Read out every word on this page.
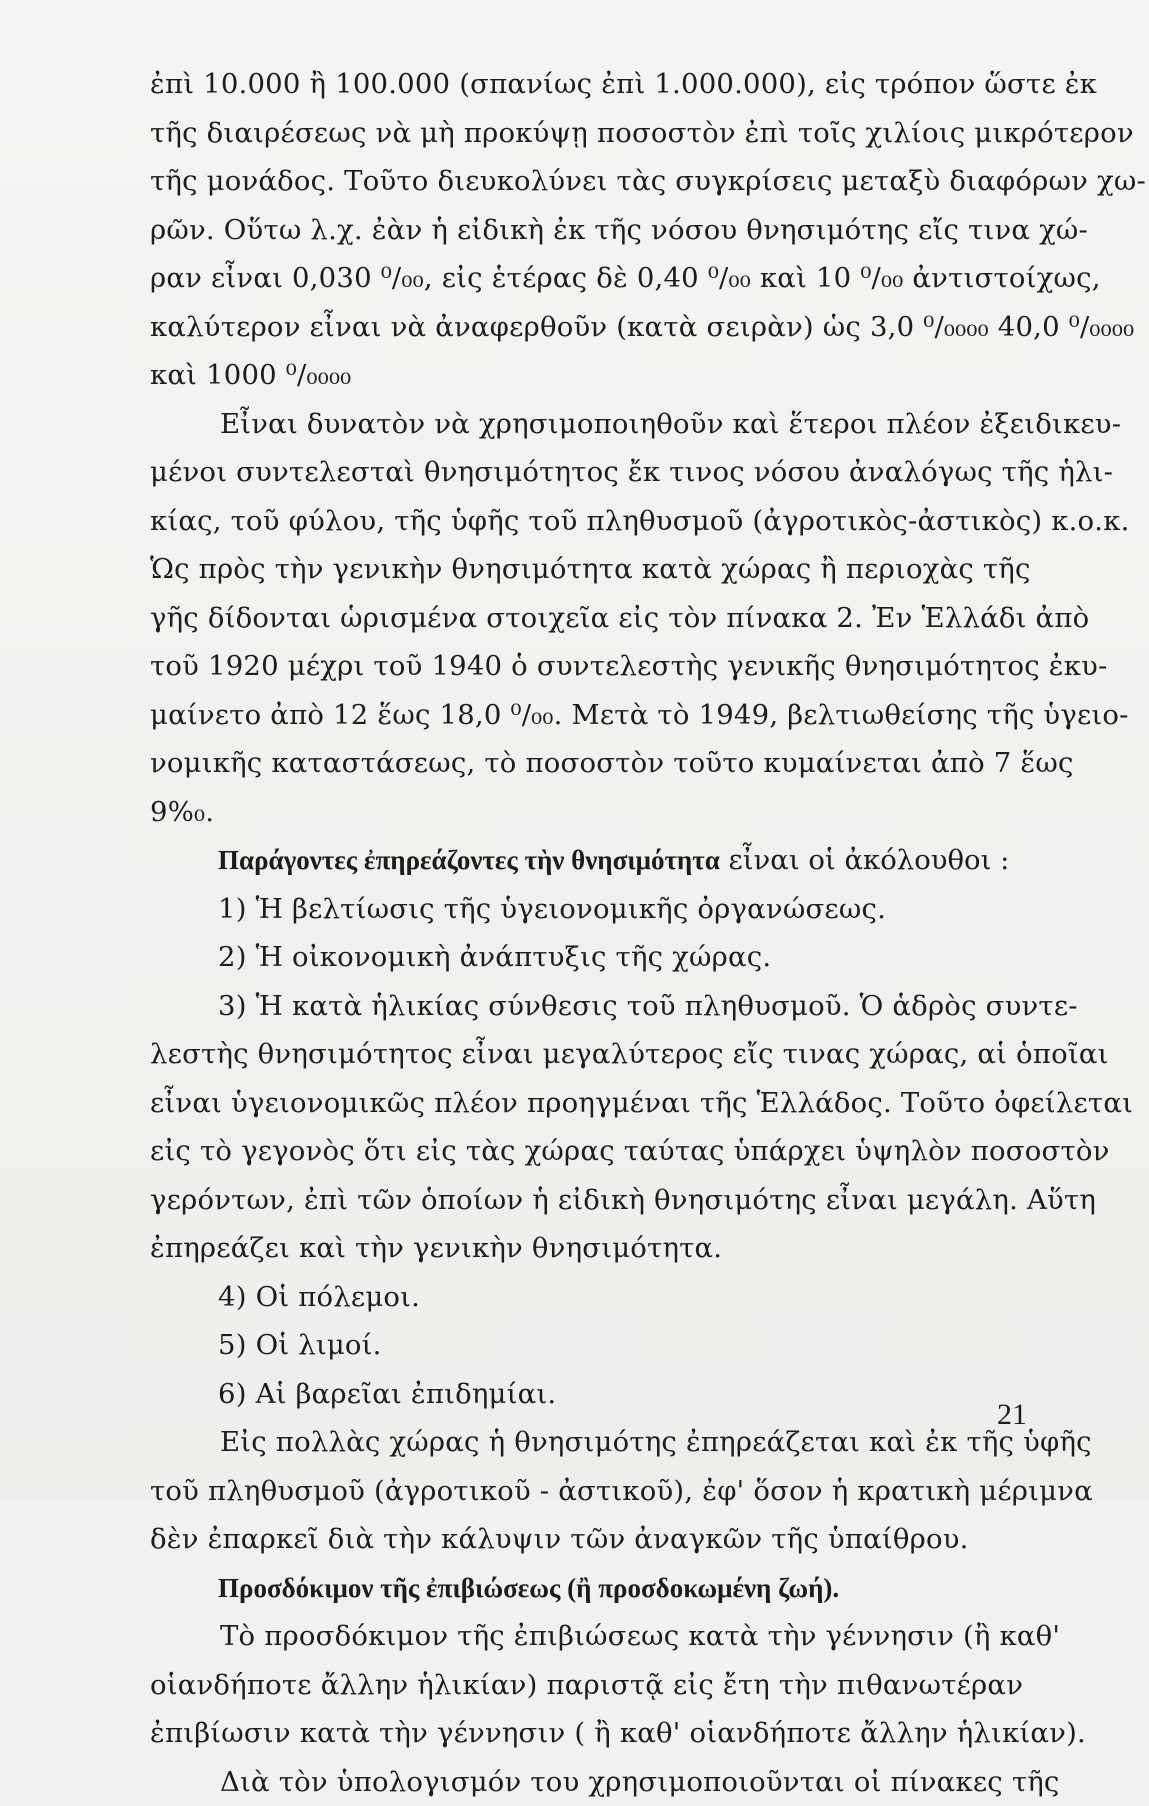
ἐπὶ 10.000 ἢ 100.000 (σπανίως ἐπὶ 1.000.000), εἰς τρόπον ὥστε ἐκ
τῆς διαιρέσεως νὰ μὴ προκύψῃ ποσοστὸν ἐπὶ τοῖς χιλίοις μικρότερον
τῆς μονάδος. Τοῦτο διευκολύνει τὰς συγκρίσεις μεταξὺ διαφόρων χω-
ρῶν. Οὕτω λ.χ. ἐὰν ἡ εἰδικὴ ἐκ τῆς νόσου θνησιμότης εἴς τινα χώ-
ραν εἶναι 0,030 ⁰/₀₀, εἰς ἑτέρας δὲ 0,40 ⁰/₀₀ καὶ 10 ⁰/₀₀ ἀντιστοίχως,
καλύτερον εἶναι νὰ ἀναφερθοῦν (κατὰ σειρὰν) ὡς 3,0 ⁰/₀₀₀₀ 40,0 ⁰/₀₀₀₀
καὶ 1000 ⁰/₀₀₀₀
Εἶναι δυνατὸν νὰ χρησιμοποιηθοῦν καὶ ἕτεροι πλέον ἐξειδικευ-
μένοι συντελεσταὶ θνησιμότητος ἔκ τινος νόσου ἀναλόγως τῆς ἡλι-
κίας, τοῦ φύλου, τῆς ὑφῆς τοῦ πληθυσμοῦ (ἀγροτικὸς-ἀστικὸς) κ.ο.κ.
Ὡς πρὸς τὴν γενικὴν θνησιμότητα κατὰ χώρας ἢ περιοχὰς τῆς
γῆς δίδονται ὡρισμένα στοιχεῖα εἰς τὸν πίνακα 2. Ἐν Ἑλλάδι ἀπὸ
τοῦ 1920 μέχρι τοῦ 1940 ὁ συντελεστὴς γενικῆς θνησιμότητος ἐκυ-
μαίνετο ἀπὸ 12 ἕως 18,0 ⁰/₀₀. Μετὰ τὸ 1949, βελτιωθείσης τῆς ὑγειο-
νομικῆς καταστάσεως, τὸ ποσοστὸν τοῦτο κυμαίνεται ἀπὸ 7 ἕως
9%₀.
Παράγοντες ἐπηρεάζοντες τὴν θνησιμότητα εἶναι οἱ ἀκόλουθοι :
1) Ἡ βελτίωσις τῆς ὑγειονομικῆς ὀργανώσεως.
2) Ἡ οἰκονομικὴ ἀνάπτυξις τῆς χώρας.
3) Ἡ κατὰ ἡλικίας σύνθεσις τοῦ πληθυσμοῦ. Ὁ ἁδρὸς συντε-
λεστὴς θνησιμότητος εἶναι μεγαλύτερος εἴς τινας χώρας, αἱ ὁποῖαι
εἶναι ὑγειονομικῶς πλέον προηγμέναι τῆς Ἑλλάδος. Τοῦτο ὀφείλεται
εἰς τὸ γεγονὸς ὅτι εἰς τὰς χώρας ταύτας ὑπάρχει ὑψηλὸν ποσοστὸν
γερόντων, ἐπὶ τῶν ὁποίων ἡ εἰδικὴ θνησιμότης εἶναι μεγάλη. Αὕτη
ἐπηρεάζει καὶ τὴν γενικὴν θνησιμότητα.
4) Οἱ πόλεμοι.
5) Οἱ λιμοί.
6) Αἱ βαρεῖαι ἐπιδημίαι.
Εἰς πολλὰς χώρας ἡ θνησιμότης ἐπηρεάζεται καὶ ἐκ τῆς ὑφῆς
τοῦ πληθυσμοῦ (ἀγροτικοῦ - ἀστικοῦ), ἐφ' ὅσον ἡ κρατικὴ μέριμνα
δὲν ἐπαρκεῖ διὰ τὴν κάλυψιν τῶν ἀναγκῶν τῆς ὑπαίθρου.
Προσδόκιμον τῆς ἐπιβιώσεως (ἢ προσδοκωμένη ζωή).
Τὸ προσδόκιμον τῆς ἐπιβιώσεως κατὰ τὴν γέννησιν (ἢ καθ'
οἱανδήποτε ἄλλην ἡλικίαν) παριστᾷ εἰς ἔτη τὴν πιθανωτέραν
ἐπιβίωσιν κατὰ τὴν γέννησιν ( ἢ καθ' οἱανδήποτε ἄλλην ἡλικίαν).
Διὰ τὸν ὑπολογισμόν του χρησιμοποιοῦνται οἱ πίνακες τῆς
21
